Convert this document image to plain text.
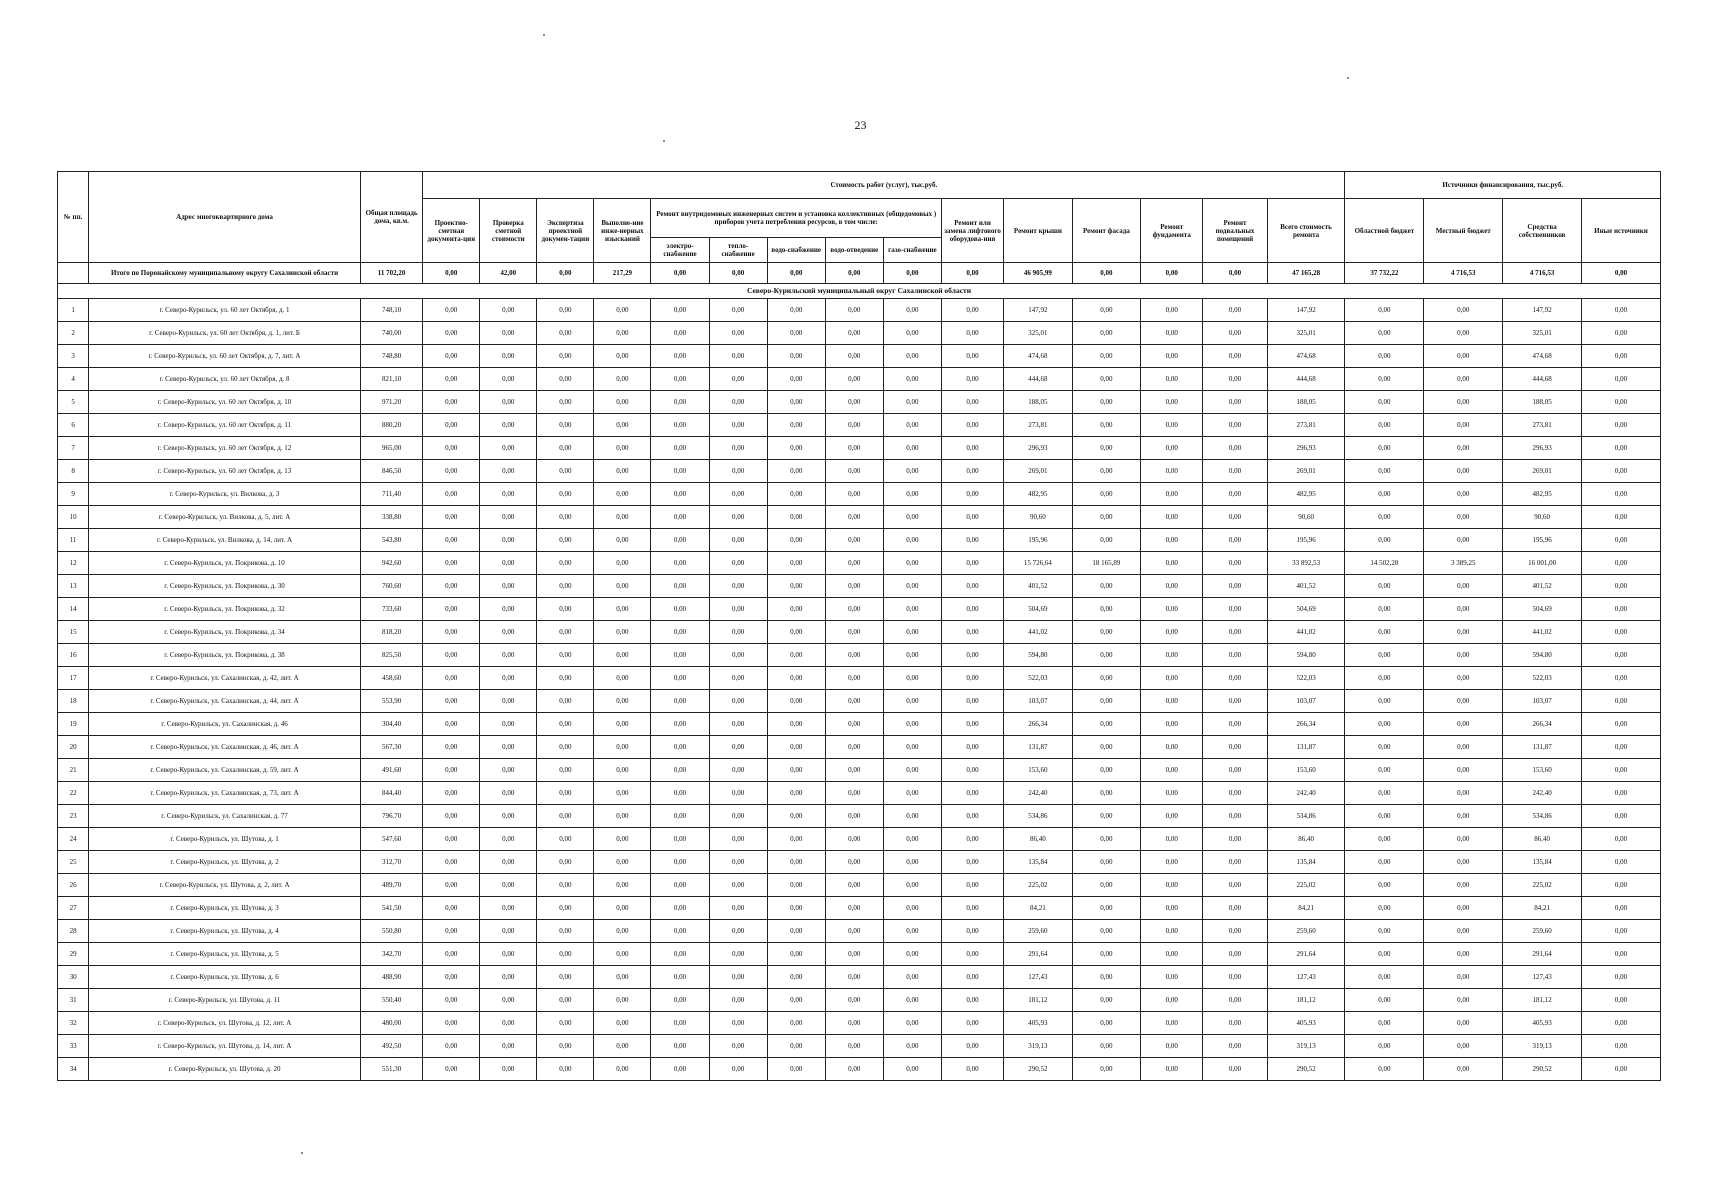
23
№ пп.	Адрес многоквартирного дома	Общая площадь дома, кв.м.	Стоимость работ (услуг), тыс.руб.															Источники финансирования, тыс.руб.			
			Проектно-сметная документа-ция	Проверка сметной стоимости	Экспертиза проектной докумен-тации	Выполне-ние инже-нерных изысканий	Ремонт внутридомовых инженерных систем и установка коллективных (общедомовых ) приборов учета потребления ресурсов, в том числе:					Ремонт или замена лифтового оборудова-ния	Ремонт крыши	Ремонт фасада	Ремонт фундамента	Ремонт подвальных помещений	Всего стоимость ремонта	Областной бюджет	Местный бюджет	Средства собственников	Иные источники
							электро-снабжение	тепло-снабжение	водо-снабжение	водо-отведение	газо-снабжение										
	Итого по Поронайскому муниципальному округу Сахалинской области	11 702,20	0,00	42,00	0,00	217,29	0,00	0,00	0,00	0,00	0,00	0,00	46 905,99	0,00	0,00	0,00	47 165,28	37 732,22	4 716,53	4 716,53	0,00
Северо-Курильский муниципальный округ Сахалинской области																					
1	г. Северо-Курильск, ул. 60 лет Октября, д. 1	748,10	0,00	0,00	0,00	0,00	0,00	0,00	0,00	0,00	0,00	0,00	147,92	0,00	0,00	0,00	147,92	0,00	0,00	147,92	0,00
2	г. Северо-Курильск, ул. 60 лет Октября, д. 1, лит. Б	740,00	0,00	0,00	0,00	0,00	0,00	0,00	0,00	0,00	0,00	0,00	325,01	0,00	0,00	0,00	325,01	0,00	0,00	325,01	0,00
3	г. Северо-Курильск, ул. 60 лет Октября, д. 7, лит. А	748,80	0,00	0,00	0,00	0,00	0,00	0,00	0,00	0,00	0,00	0,00	474,68	0,00	0,00	0,00	474,68	0,00	0,00	474,68	0,00
4	г. Северо-Курильск, ул. 60 лет Октября, д. 8	821,10	0,00	0,00	0,00	0,00	0,00	0,00	0,00	0,00	0,00	0,00	444,68	0,00	0,00	0,00	444,68	0,00	0,00	444,68	0,00
5	г. Северо-Курильск, ул. 60 лет Октября, д. 10	971,20	0,00	0,00	0,00	0,00	0,00	0,00	0,00	0,00	0,00	0,00	188,05	0,00	0,00	0,00	188,05	0,00	0,00	188,05	0,00
6	г. Северо-Курильск, ул. 60 лет Октября, д. 11	880,20	0,00	0,00	0,00	0,00	0,00	0,00	0,00	0,00	0,00	0,00	273,81	0,00	0,00	0,00	273,81	0,00	0,00	273,81	0,00
7	г. Северо-Курильск, ул. 60 лет Октября, д. 12	965,00	0,00	0,00	0,00	0,00	0,00	0,00	0,00	0,00	0,00	0,00	296,93	0,00	0,00	0,00	296,93	0,00	0,00	296,93	0,00
8	г. Северо-Курильск, ул. 60 лет Октября, д. 13	846,50	0,00	0,00	0,00	0,00	0,00	0,00	0,00	0,00	0,00	0,00	269,01	0,00	0,00	0,00	269,01	0,00	0,00	269,01	0,00
9	г. Северо-Курильск, ул. Вилкова, д. 3	711,40	0,00	0,00	0,00	0,00	0,00	0,00	0,00	0,00	0,00	0,00	482,95	0,00	0,00	0,00	482,95	0,00	0,00	482,95	0,00
10	г. Северо-Курильск, ул. Вилкова, д. 5, лит. А	338,80	0,00	0,00	0,00	0,00	0,00	0,00	0,00	0,00	0,00	0,00	90,60	0,00	0,00	0,00	90,60	0,00	0,00	90,60	0,00
11	г. Северо-Курильск, ул. Вилкова, д. 14, лит. А	543,80	0,00	0,00	0,00	0,00	0,00	0,00	0,00	0,00	0,00	0,00	195,96	0,00	0,00	0,00	195,96	0,00	0,00	195,96	0,00
12	г. Северо-Курильск, ул. Покрикова, д. 10	942,60	0,00	0,00	0,00	0,00	0,00	0,00	0,00	0,00	0,00	0,00	15 726,64	18 165,89	0,00	0,00	33 892,53	14 502,28	3 389,25	16 001,00	0,00
13	г. Северо-Курильск, ул. Покрикова, д. 30	760,60	0,00	0,00	0,00	0,00	0,00	0,00	0,00	0,00	0,00	0,00	401,52	0,00	0,00	0,00	401,52	0,00	0,00	401,52	0,00
14	г. Северо-Курильск, ул. Покрикова, д. 32	733,60	0,00	0,00	0,00	0,00	0,00	0,00	0,00	0,00	0,00	0,00	504,69	0,00	0,00	0,00	504,69	0,00	0,00	504,69	0,00
15	г. Северо-Курильск, ул. Покрикова, д. 34	818,20	0,00	0,00	0,00	0,00	0,00	0,00	0,00	0,00	0,00	0,00	441,02	0,00	0,00	0,00	441,02	0,00	0,00	441,02	0,00
16	г. Северо-Курильск, ул. Покрикова, д. 38	825,50	0,00	0,00	0,00	0,00	0,00	0,00	0,00	0,00	0,00	0,00	594,80	0,00	0,00	0,00	594,80	0,00	0,00	594,80	0,00
17	г. Северо-Курильск, ул. Сахалинская, д. 42, лит. А	458,60	0,00	0,00	0,00	0,00	0,00	0,00	0,00	0,00	0,00	0,00	522,03	0,00	0,00	0,00	522,03	0,00	0,00	522,03	0,00
18	г. Северо-Курильск, ул. Сахалинская, д. 44, лит. А	553,90	0,00	0,00	0,00	0,00	0,00	0,00	0,00	0,00	0,00	0,00	103,07	0,00	0,00	0,00	103,07	0,00	0,00	103,07	0,00
19	г. Северо-Курильск, ул. Сахалинская, д. 46	304,40	0,00	0,00	0,00	0,00	0,00	0,00	0,00	0,00	0,00	0,00	266,34	0,00	0,00	0,00	266,34	0,00	0,00	266,34	0,00
20	г. Северо-Курильск, ул. Сахалинская, д. 46, лит. А	567,30	0,00	0,00	0,00	0,00	0,00	0,00	0,00	0,00	0,00	0,00	131,87	0,00	0,00	0,00	131,87	0,00	0,00	131,87	0,00
21	г. Северо-Курильск, ул. Сахалинская, д. 59, лит. А	491,60	0,00	0,00	0,00	0,00	0,00	0,00	0,00	0,00	0,00	0,00	153,60	0,00	0,00	0,00	153,60	0,00	0,00	153,60	0,00
22	г. Северо-Курильск, ул. Сахалинская, д. 73, лит. А	844,40	0,00	0,00	0,00	0,00	0,00	0,00	0,00	0,00	0,00	0,00	242,40	0,00	0,00	0,00	242,40	0,00	0,00	242,40	0,00
23	г. Северо-Курильск, ул. Сахалинская, д. 77	796,70	0,00	0,00	0,00	0,00	0,00	0,00	0,00	0,00	0,00	0,00	534,86	0,00	0,00	0,00	534,86	0,00	0,00	534,86	0,00
24	г. Северо-Курильск, ул. Шутова, д. 1	547,60	0,00	0,00	0,00	0,00	0,00	0,00	0,00	0,00	0,00	0,00	86,40	0,00	0,00	0,00	86,40	0,00	0,00	86,40	0,00
25	г. Северо-Курильск, ул. Шутова, д. 2	312,70	0,00	0,00	0,00	0,00	0,00	0,00	0,00	0,00	0,00	0,00	135,84	0,00	0,00	0,00	135,84	0,00	0,00	135,84	0,00
26	г. Северо-Курильск, ул. Шутова, д. 2, лит. А	489,70	0,00	0,00	0,00	0,00	0,00	0,00	0,00	0,00	0,00	0,00	225,02	0,00	0,00	0,00	225,02	0,00	0,00	225,02	0,00
27	г. Северо-Курильск, ул. Шутова, д. 3	541,50	0,00	0,00	0,00	0,00	0,00	0,00	0,00	0,00	0,00	0,00	84,21	0,00	0,00	0,00	84,21	0,00	0,00	84,21	0,00
28	г. Северо-Курильск, ул. Шутова, д. 4	550,80	0,00	0,00	0,00	0,00	0,00	0,00	0,00	0,00	0,00	0,00	259,60	0,00	0,00	0,00	259,60	0,00	0,00	259,60	0,00
29	г. Северо-Курильск, ул. Шутова, д. 5	342,70	0,00	0,00	0,00	0,00	0,00	0,00	0,00	0,00	0,00	0,00	291,64	0,00	0,00	0,00	291,64	0,00	0,00	291,64	0,00
30	г. Северо-Курильск, ул. Шутова, д. 6	488,90	0,00	0,00	0,00	0,00	0,00	0,00	0,00	0,00	0,00	0,00	127,43	0,00	0,00	0,00	127,43	0,00	0,00	127,43	0,00
31	г. Северо-Курильск, ул. Шутова, д. 11	550,40	0,00	0,00	0,00	0,00	0,00	0,00	0,00	0,00	0,00	0,00	181,12	0,00	0,00	0,00	181,12	0,00	0,00	181,12	0,00
32	г. Северо-Курильск, ул. Шутова, д. 12, лит. А	480,00	0,00	0,00	0,00	0,00	0,00	0,00	0,00	0,00	0,00	0,00	405,93	0,00	0,00	0,00	405,93	0,00	0,00	405,93	0,00
33	г. Северо-Курильск, ул. Шутова, д. 14, лит. А	492,50	0,00	0,00	0,00	0,00	0,00	0,00	0,00	0,00	0,00	0,00	319,13	0,00	0,00	0,00	319,13	0,00	0,00	319,13	0,00
34	г. Северо-Курильск, ул. Шутова, д. 20	551,30	0,00	0,00	0,00	0,00	0,00	0,00	0,00	0,00	0,00	0,00	290,52	0,00	0,00	0,00	290,52	0,00	0,00	290,52	0,00
